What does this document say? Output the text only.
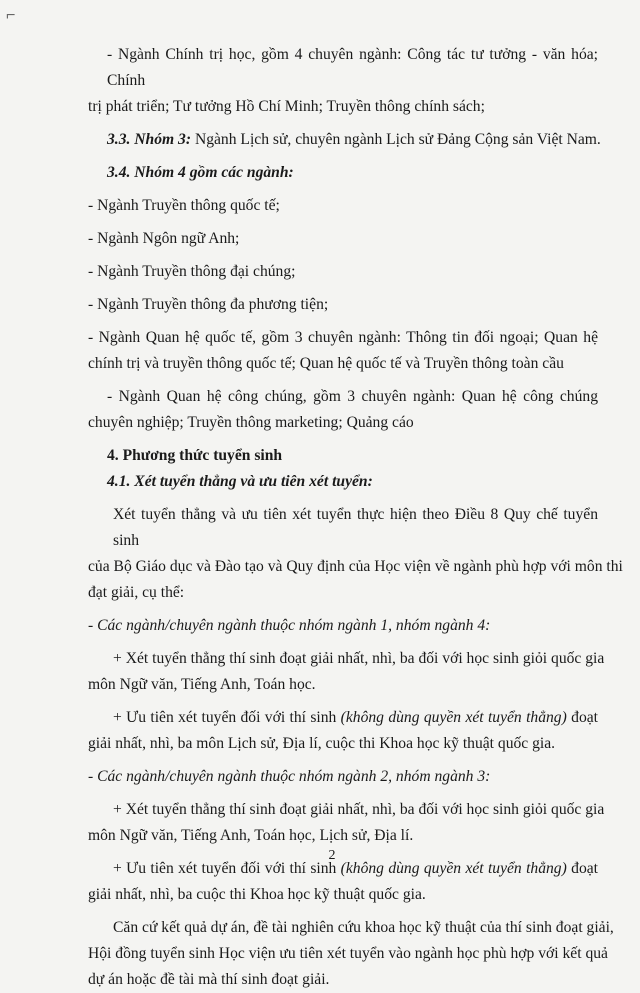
⌐

- Ngành Chính trị học, gồm 4 chuyên ngành: Công tác tư tưởng - văn hóa; Chính

trị phát triển; Tư tưởng Hồ Chí Minh; Truyền thông chính sách;

3.3. Nhóm 3: Ngành Lịch sử, chuyên ngành Lịch sử Đảng Cộng sản Việt Nam.

3.4. Nhóm 4 gồm các ngành:

- Ngành Truyền thông quốc tế;

- Ngành Ngôn ngữ Anh;

- Ngành Truyền thông đại chúng;

- Ngành Truyền thông đa phương tiện;

- Ngành Quan hệ quốc tế, gồm 3 chuyên ngành: Thông tin đối ngoại; Quan hệ

chính trị và truyền thông quốc tế; Quan hệ quốc tế và Truyền thông toàn cầu

- Ngành Quan hệ công chúng, gồm 3 chuyên ngành: Quan hệ công chúng

chuyên nghiệp; Truyền thông marketing; Quảng cáo

4. Phương thức tuyển sinh

4.1. Xét tuyển thẳng và ưu tiên xét tuyển:

Xét tuyển thẳng và ưu tiên xét tuyển thực hiện theo Điều 8 Quy chế tuyển sinh

của Bộ Giáo dục và Đào tạo và Quy định của Học viện về ngành phù hợp với môn thi

đạt giải, cụ thể:

- Các ngành/chuyên ngành thuộc nhóm ngành 1, nhóm ngành 4:

+ Xét tuyển thẳng thí sinh đoạt giải nhất, nhì, ba đối với học sinh giỏi quốc gia

môn Ngữ văn, Tiếng Anh, Toán học.

+ Ưu tiên xét tuyển đối với thí sinh (không dùng quyền xét tuyển thẳng) đoạt

giải nhất, nhì, ba môn Lịch sử, Địa lí, cuộc thi Khoa học kỹ thuật quốc gia.

- Các ngành/chuyên ngành thuộc nhóm ngành 2, nhóm ngành 3:

+ Xét tuyển thẳng thí sinh đoạt giải nhất, nhì, ba đối với học sinh giỏi quốc gia

môn Ngữ văn, Tiếng Anh, Toán học, Lịch sử, Địa lí.

+ Ưu tiên xét tuyển đối với thí sinh (không dùng quyền xét tuyển thẳng) đoạt

giải nhất, nhì, ba cuộc thi Khoa học kỹ thuật quốc gia.

Căn cứ kết quả dự án, đề tài nghiên cứu khoa học kỹ thuật của thí sinh đoạt giải,

Hội đồng tuyển sinh Học viện ưu tiên xét tuyển vào ngành học phù hợp với kết quả

dự án hoặc đề tài mà thí sinh đoạt giải.

2
